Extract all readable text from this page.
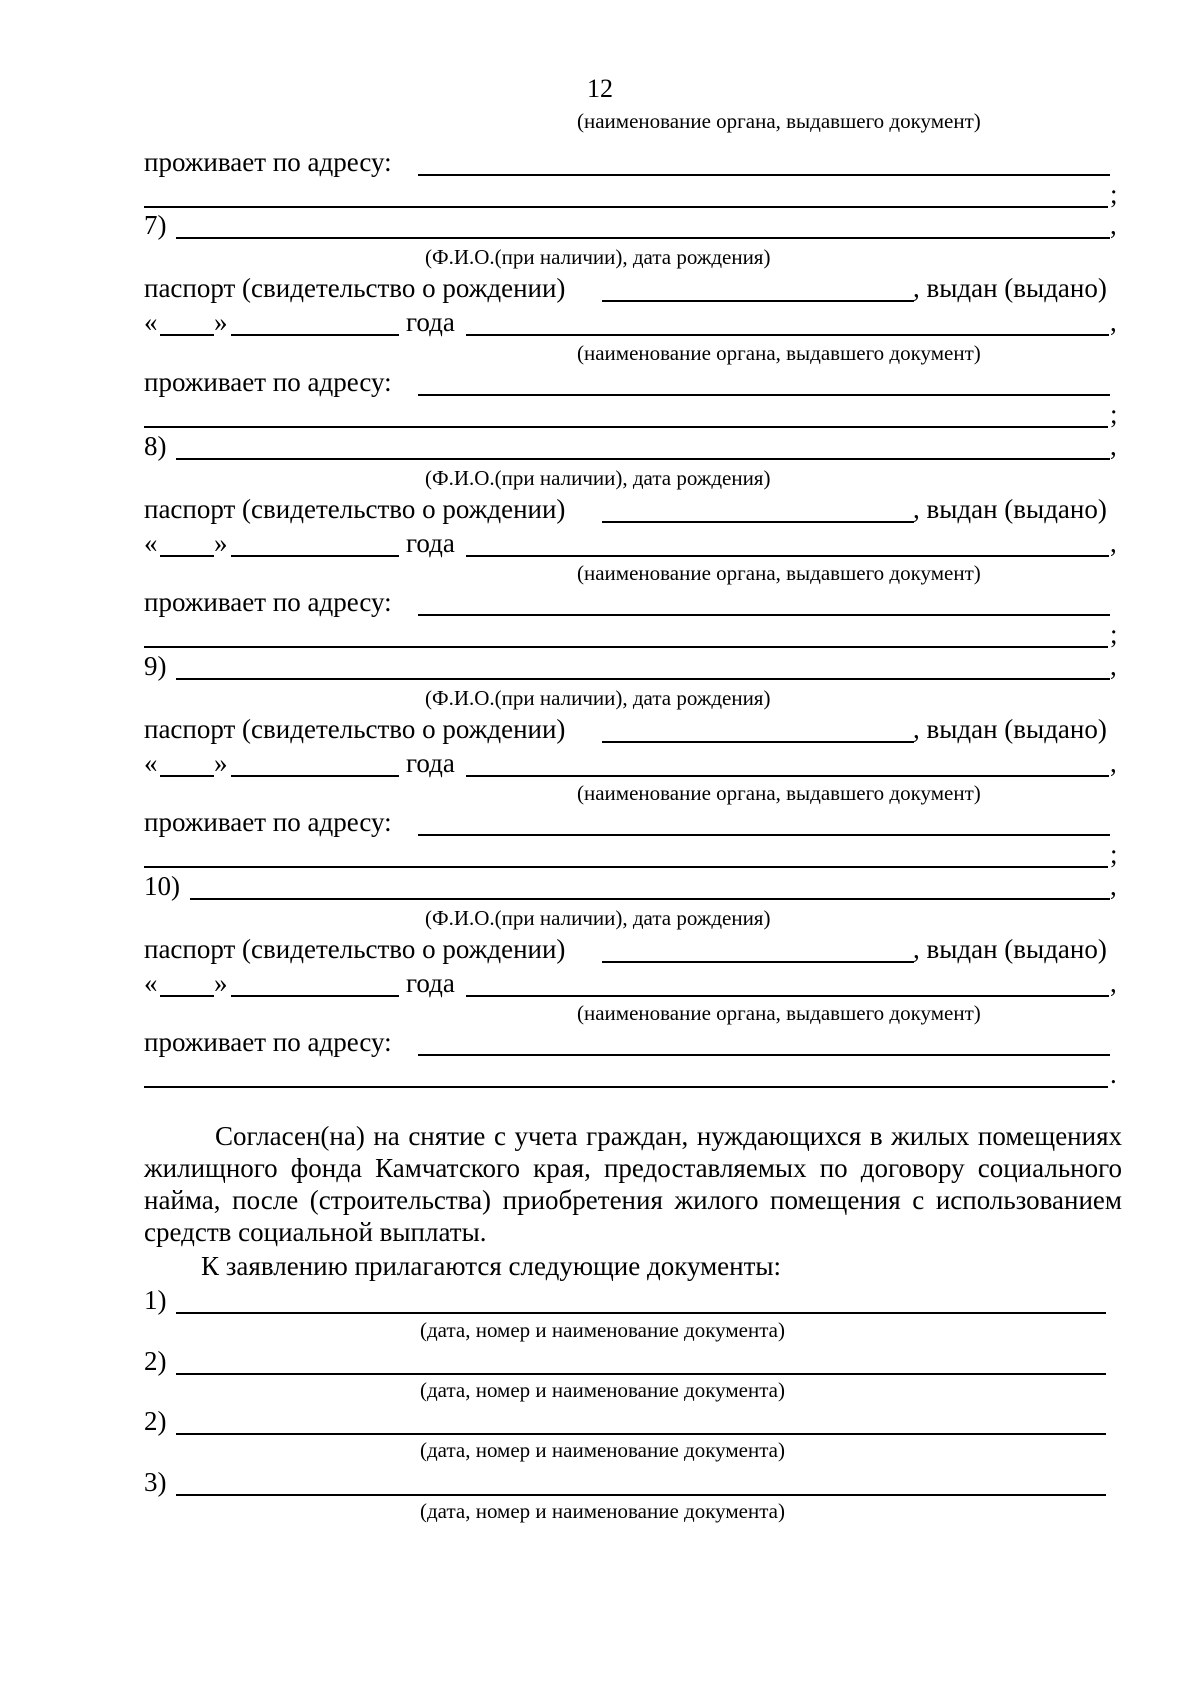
12
(наименование органа, выдавшего документ)
проживает по адресу:
;
7)	,
(Ф.И.О.(при наличии), дата рождения)
паспорт (свидетельство о рождении)	, выдан (выдано)
« »	года	,
(наименование органа, выдавшего документ)
проживает по адресу:
;
8)	,
(Ф.И.О.(при наличии), дата рождения)
паспорт (свидетельство о рождении)	, выдан (выдано)
« »	года	,
(наименование органа, выдавшего документ)
проживает по адресу:
;
9)	,
(Ф.И.О.(при наличии), дата рождения)
паспорт (свидетельство о рождении)	, выдан (выдано)
« »	года	,
(наименование органа, выдавшего документ)
проживает по адресу:
;
10)	,
(Ф.И.О.(при наличии), дата рождения)
паспорт (свидетельство о рождении)	, выдан (выдано)
« »	года	,
(наименование органа, выдавшего документ)
проживает по адресу:
.

Согласен(на) на снятие с учета граждан, нуждающихся в жилых помещениях жилищного фонда Камчатского края, предоставляемых по договору социального найма, после (строительства) приобретения жилого помещения с использованием средств социальной выплаты.

К заявлению прилагаются следующие документы:

1)
(дата, номер и наименование документа)
2)
(дата, номер и наименование документа)
2)
(дата, номер и наименование документа)
3)
(дата, номер и наименование документа)
